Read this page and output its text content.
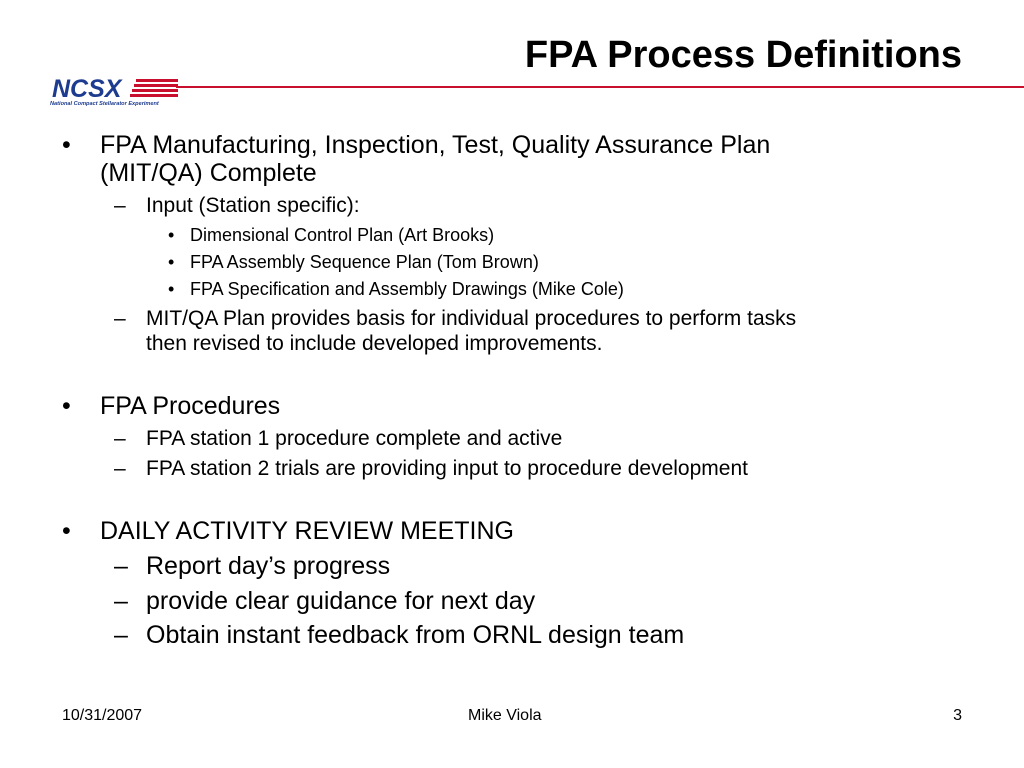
FPA Process Definitions
NCSX
National Compact Stellarator Experiment
• FPA Manufacturing, Inspection, Test, Quality Assurance Plan
(MIT/QA) Complete
– Input (Station specific):
• Dimensional Control Plan (Art Brooks)
• FPA Assembly Sequence Plan (Tom Brown)
• FPA Specification and Assembly Drawings (Mike Cole)
– MIT/QA Plan provides basis for individual procedures to perform tasks
then revised to include developed improvements.
• FPA Procedures
– FPA station 1 procedure complete and active
– FPA station 2 trials are providing input to procedure development
• DAILY ACTIVITY REVIEW MEETING
– Report day’s progress
– provide clear guidance for next day
– Obtain instant feedback from ORNL design team
10/31/2007	Mike Viola	3
